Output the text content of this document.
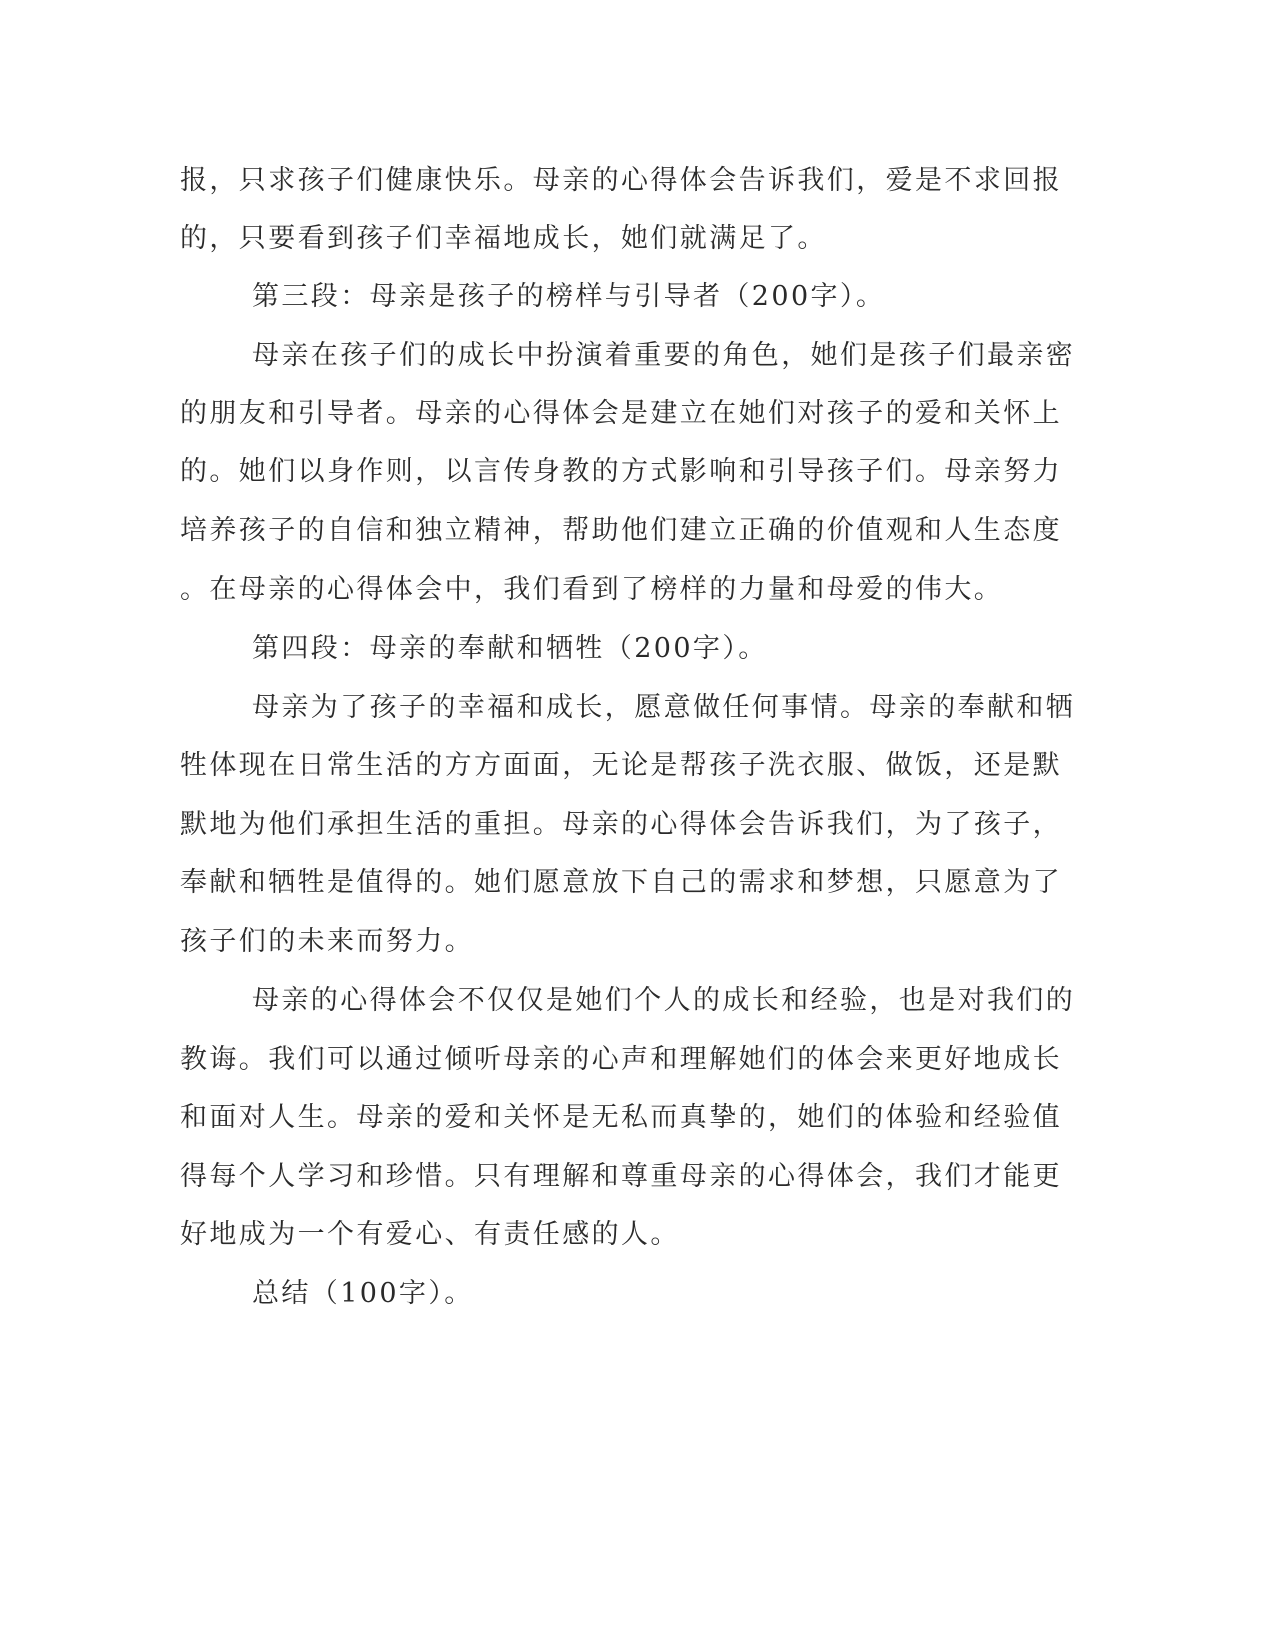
报，只求孩子们健康快乐。母亲的心得体会告诉我们，爱是不求回报
的，只要看到孩子们幸福地成长，她们就满足了。
第三段：母亲是孩子的榜样与引导者（200字）。
母亲在孩子们的成长中扮演着重要的角色，她们是孩子们最亲密
的朋友和引导者。母亲的心得体会是建立在她们对孩子的爱和关怀上
的。她们以身作则，以言传身教的方式影响和引导孩子们。母亲努力
培养孩子的自信和独立精神，帮助他们建立正确的价值观和人生态度
。在母亲的心得体会中，我们看到了榜样的力量和母爱的伟大。
第四段：母亲的奉献和牺牲（200字）。
母亲为了孩子的幸福和成长，愿意做任何事情。母亲的奉献和牺
牲体现在日常生活的方方面面，无论是帮孩子洗衣服、做饭，还是默
默地为他们承担生活的重担。母亲的心得体会告诉我们，为了孩子，
奉献和牺牲是值得的。她们愿意放下自己的需求和梦想，只愿意为了
孩子们的未来而努力。
母亲的心得体会不仅仅是她们个人的成长和经验，也是对我们的
教诲。我们可以通过倾听母亲的心声和理解她们的体会来更好地成长
和面对人生。母亲的爱和关怀是无私而真挚的，她们的体验和经验值
得每个人学习和珍惜。只有理解和尊重母亲的心得体会，我们才能更
好地成为一个有爱心、有责任感的人。
总结（100字）。
